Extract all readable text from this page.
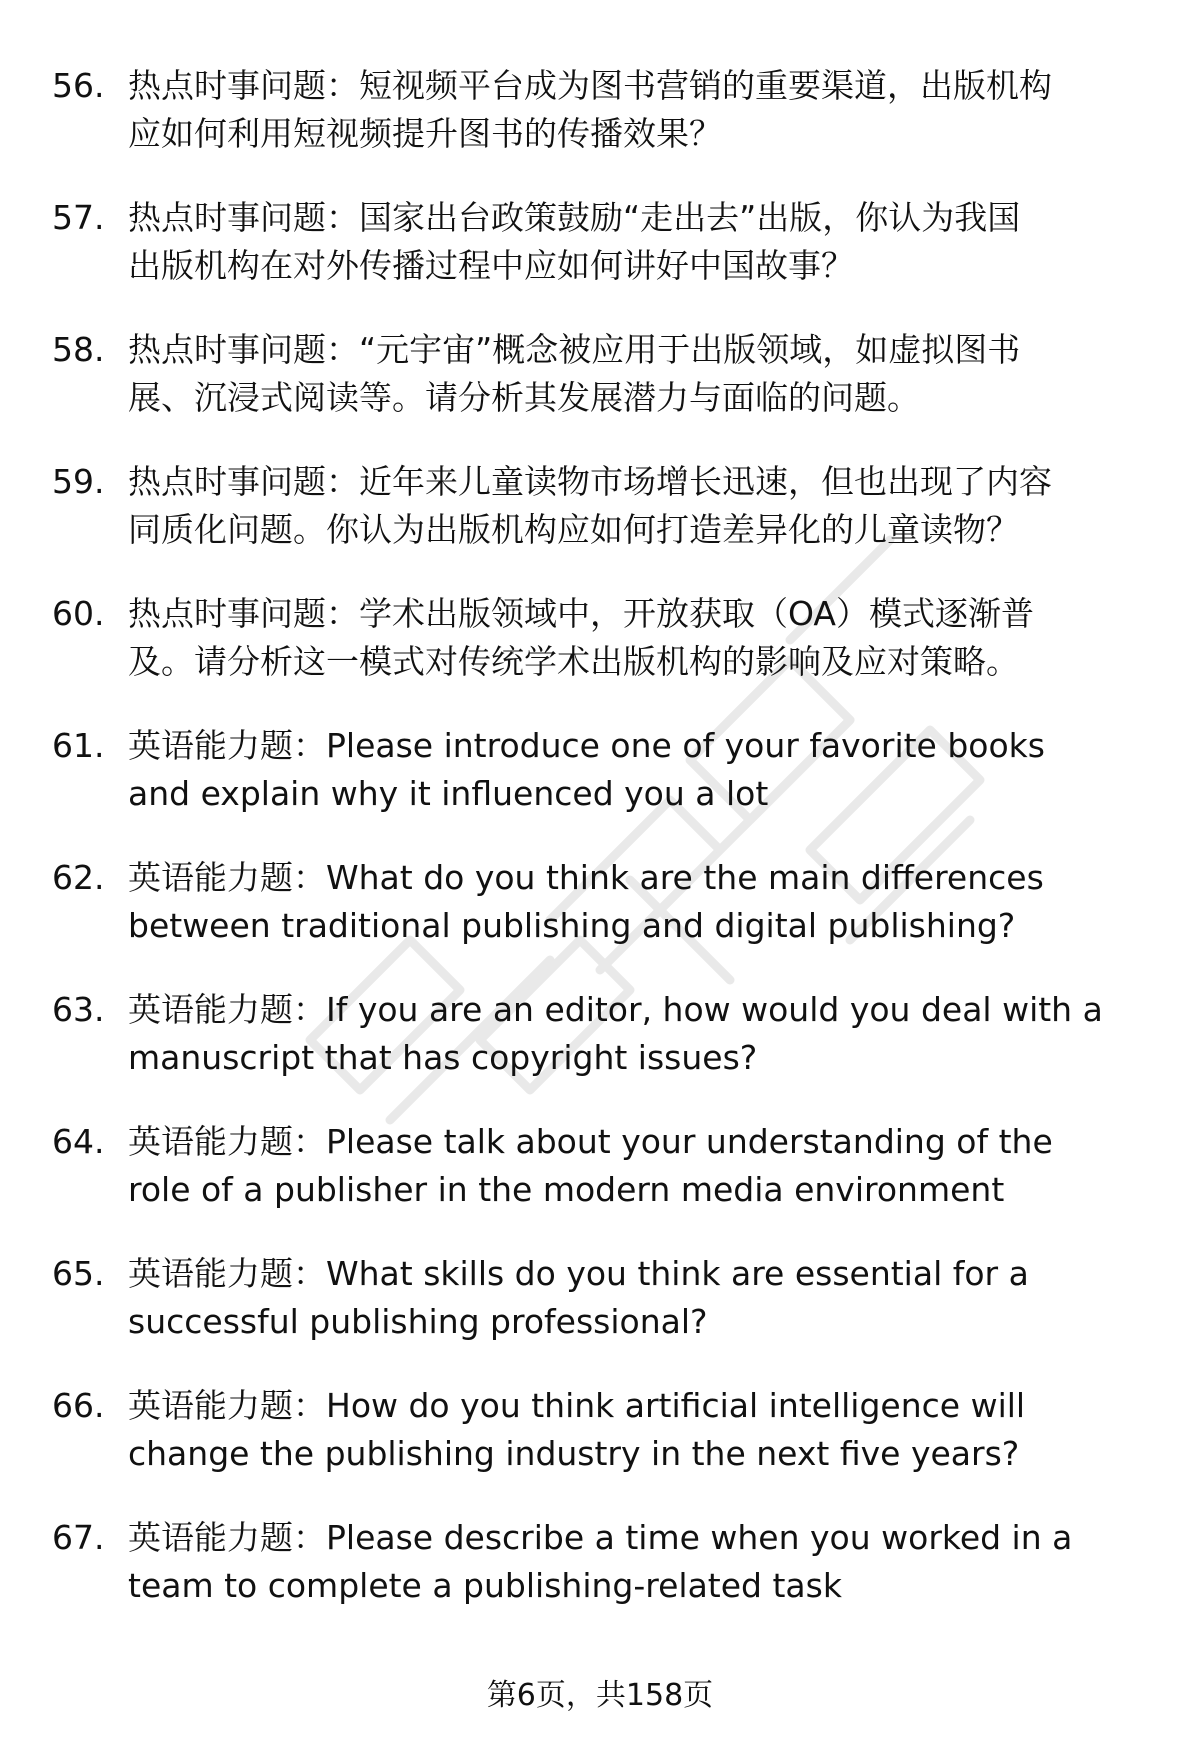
56. 热点时事问题：短视频平台成为图书营销的重要渠道，出版机构
应如何利用短视频提升图书的传播效果？
57. 热点时事问题：国家出台政策鼓励“走出去”出版，你认为我国
出版机构在对外传播过程中应如何讲好中国故事？
58. 热点时事问题：“元宇宙”概念被应用于出版领域，如虚拟图书
展、沉浸式阅读等。请分析其发展潜力与面临的问题。
59. 热点时事问题：近年来儿童读物市场增长迅速，但也出现了内容
同质化问题。你认为出版机构应如何打造差异化的儿童读物？
60. 热点时事问题：学术出版领域中，开放获取（OA）模式逐渐普
及。请分析这一模式对传统学术出版机构的影响及应对策略。
61. 英语能力题：Please introduce one of your favorite books
and explain why it influenced you a lot
62. 英语能力题：What do you think are the main differences
between traditional publishing and digital publishing?
63. 英语能力题：If you are an editor, how would you deal with a
manuscript that has copyright issues?
64. 英语能力题：Please talk about your understanding of the
role of a publisher in the modern media environment
65. 英语能力题：What skills do you think are essential for a
successful publishing professional?
66. 英语能力题：How do you think artificial intelligence will
change the publishing industry in the next five years?
67. 英语能力题：Please describe a time when you worked in a
team to complete a publishing-related task
第6页，共158页
